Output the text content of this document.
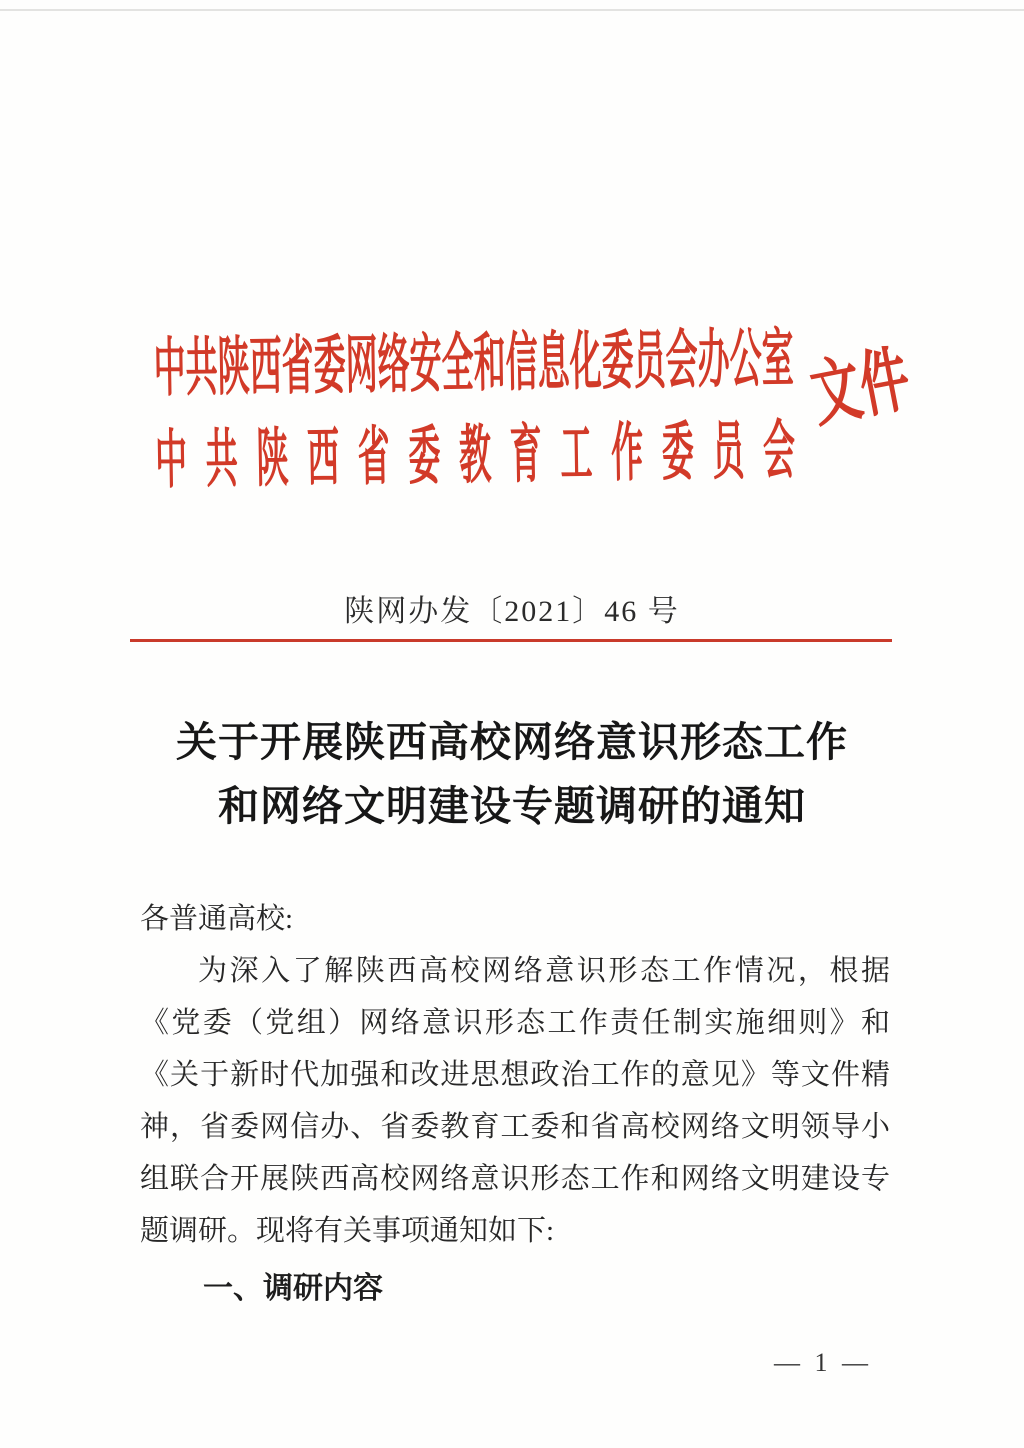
中共陕西省委网络安全和信息化委员会办公室
中共陕西省委教育工作委员会
文件
陕网办发〔2021〕46 号
关于开展陕西高校网络意识形态工作
和网络文明建设专题调研的通知
各普通高校:

为深入了解陕西高校网络意识形态工作情况，根据《党委（党组）网络意识形态工作责任制实施细则》和《关于新时代加强和改进思想政治工作的意见》等文件精神，省委网信办、省委教育工委和省高校网络文明领导小组联合开展陕西高校网络意识形态工作和网络文明建设专题调研。现将有关事项通知如下:

一、调研内容
— 1 —
